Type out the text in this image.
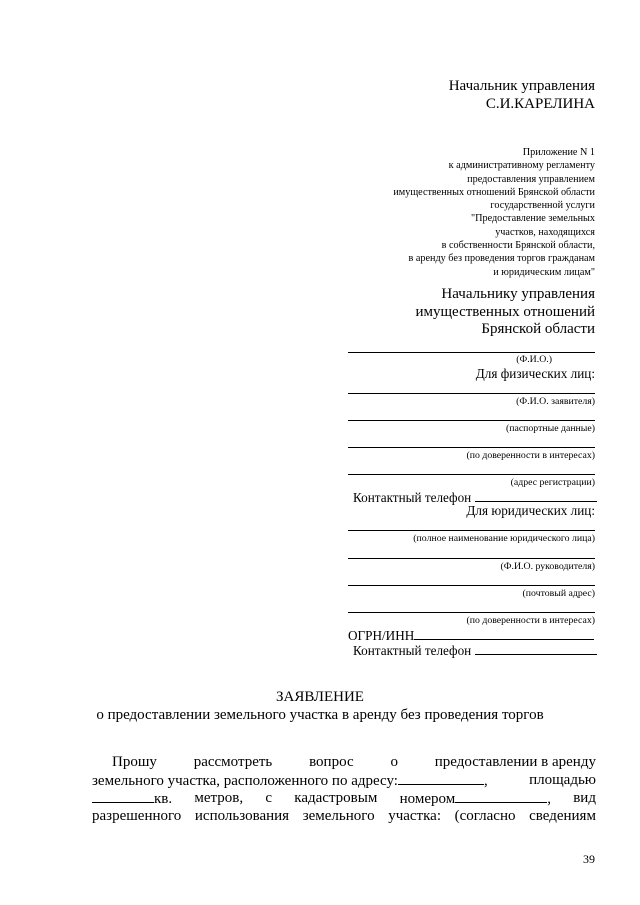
Начальник управления
С.И.КАРЕЛИНА
Приложение N 1
к административному регламенту
предоставления управлением
имущественных отношений Брянской области
государственной услуги
"Предоставление земельных
участков, находящихся
в собственности Брянской области,
в аренду без проведения торгов гражданам
и юридическим лицам"
Начальнику управления
имущественных отношений
Брянской области
(Ф.И.О.)
Для физических лиц:
(Ф.И.О. заявителя)
(паспортные данные)
(по доверенности в интересах)
(адрес регистрации)
Контактный телефон
Для юридических лиц:
(полное наименование юридического лица)
(Ф.И.О. руководителя)
(почтовый адрес)
(по доверенности в интересах)
ОГРН/ИНН
Контактный телефон
ЗАЯВЛЕНИЕ
о предоставлении земельного участка в аренду без проведения торгов
Прошу рассмотреть вопрос о предоставлении в аренду
земельного участка, расположенного по адресу:	,	площадью
кв. метров, с кадастровым номером	, вид
разрешенного использования земельного участка: (согласно сведениям
39
